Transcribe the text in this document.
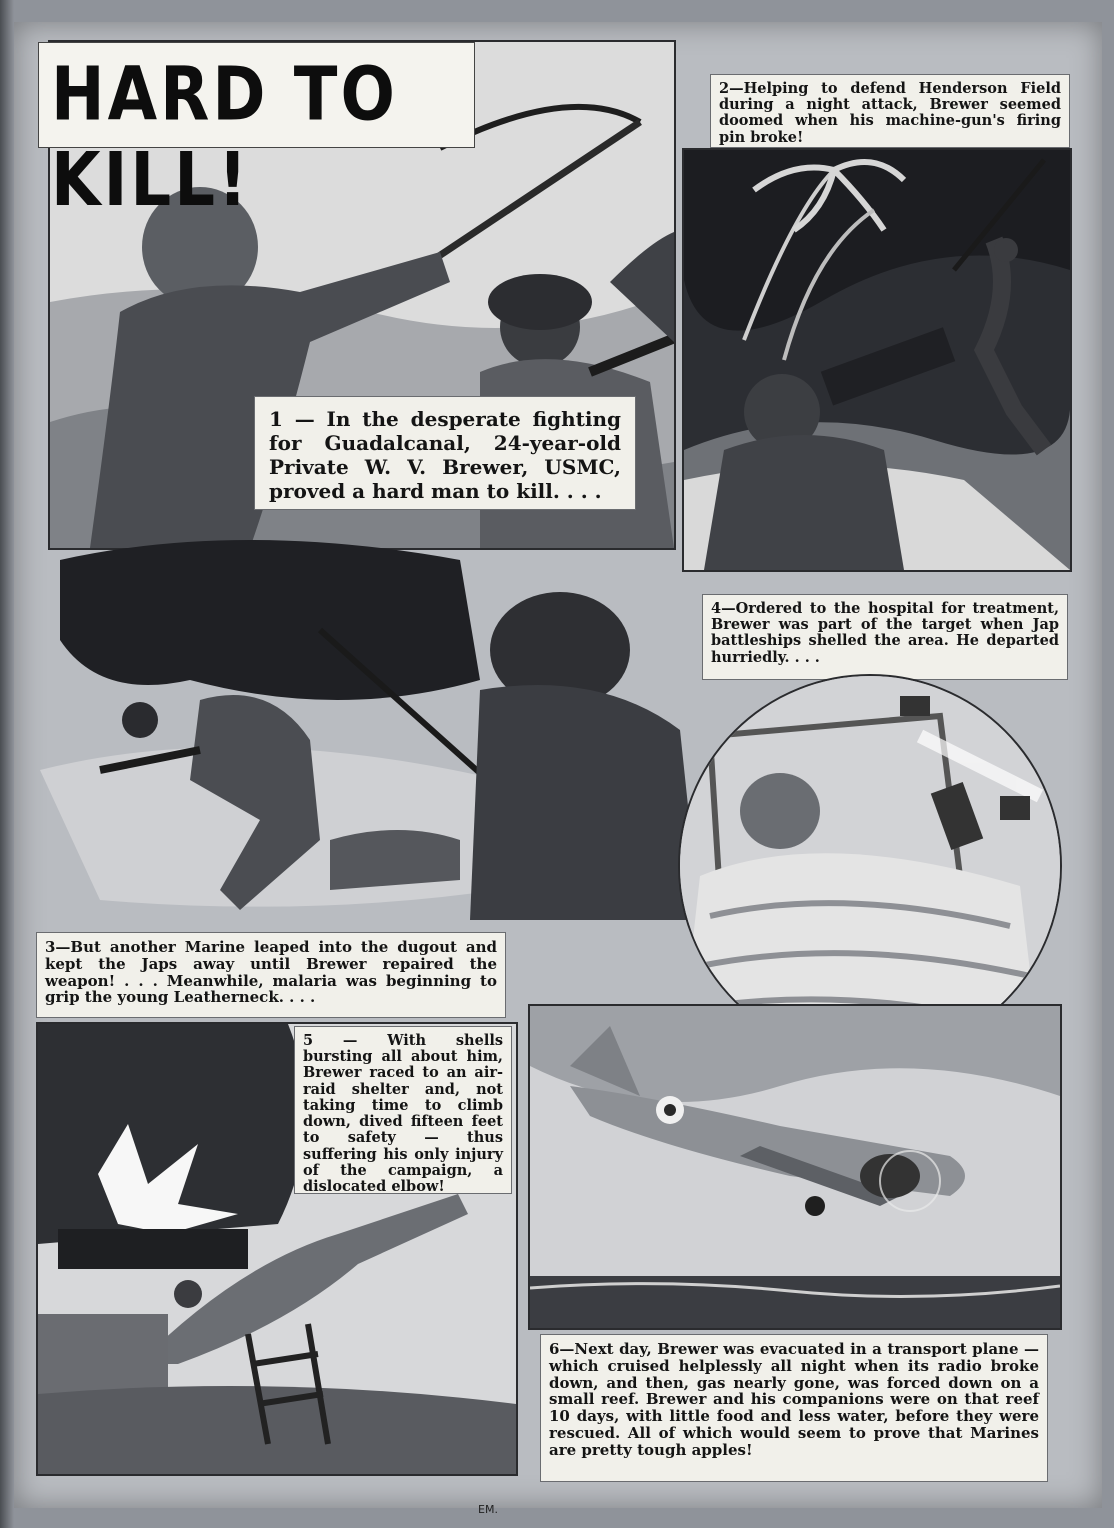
HARD TO KILL!
1 — In the desperate fighting for Guadalcanal, 24-year-old Private W. V. Brewer, USMC, proved a hard man to kill. . . .
2—Helping to defend Henderson Field during a night attack, Brewer seemed doomed when his machine-gun's firing pin broke!
3—But another Marine leaped into the dugout and kept the Japs away until Brewer repaired the weapon! . . . Meanwhile, malaria was beginning to grip the young Leatherneck. . . .
4—Ordered to the hospital for treatment, Brewer was part of the target when Jap battleships shelled the area. He departed hurriedly. . . .
5 — With shells bursting all about him, Brewer raced to an air-raid shelter and, not taking time to climb down, dived fifteen feet to safety — thus suffering his only injury of the campaign, a dislocated elbow!
EM.
6—Next day, Brewer was evacuated in a transport plane — which cruised helplessly all night when its radio broke down, and then, gas nearly gone, was forced down on a small reef. Brewer and his companions were on that reef 10 days, with little food and less water, before they were rescued. All of which would seem to prove that Marines are pretty tough apples!
